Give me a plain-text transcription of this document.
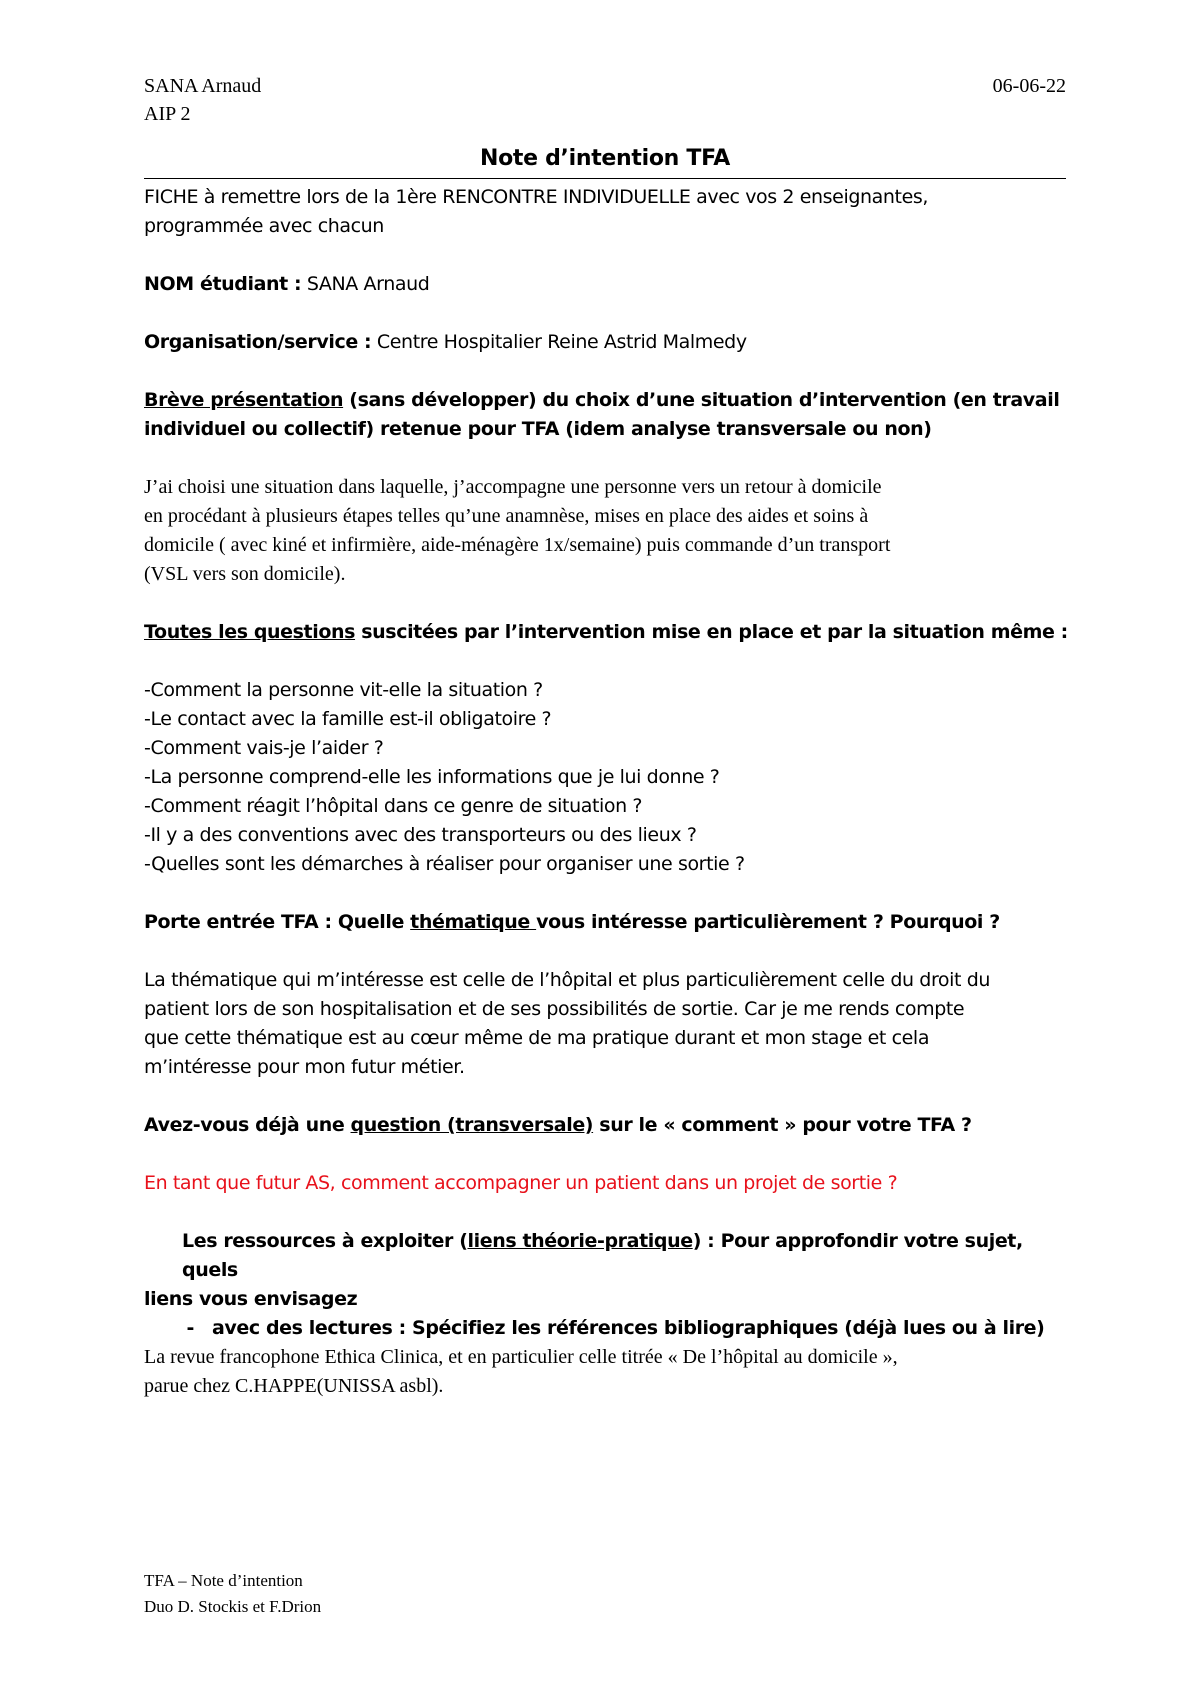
SANA Arnaud
AIP 2
06-06-22
Note d’intention TFA

FICHE à remettre lors de la 1ère RENCONTRE INDIVIDUELLE avec vos 2 enseignantes,

programmée avec chacun

NOM étudiant : SANA Arnaud

Organisation/service : Centre Hospitalier Reine Astrid Malmedy

Brève présentation (sans développer) du choix d’une situation d’intervention (en travail

individuel ou collectif) retenue pour TFA (idem analyse transversale ou non)

J’ai choisi une situation dans laquelle, j’accompagne une personne vers un retour à domicile

en procédant à plusieurs étapes telles qu’une anamnèse, mises en place des aides et soins à

domicile ( avec kiné et infirmière, aide-ménagère 1x/semaine) puis commande d’un transport

(VSL vers son domicile).

Toutes les questions suscitées par l’intervention mise en place et par la situation même :

-Comment la personne vit-elle la situation ?

-Le contact avec la famille est-il obligatoire ?

-Comment vais-je l’aider ?

-La personne comprend-elle les informations que je lui donne ?

-Comment réagit l’hôpital dans ce genre de situation ?

-Il y a des conventions avec des transporteurs ou des lieux ?

-Quelles sont les démarches à réaliser pour organiser une sortie ?

Porte entrée TFA : Quelle thématique vous intéresse particulièrement ? Pourquoi ?

La thématique qui m’intéresse est celle de l’hôpital et plus particulièrement celle du droit du

patient lors de son hospitalisation et de ses possibilités de sortie. Car je me rends compte

que cette thématique est au cœur même de ma pratique durant et mon stage et cela

m’intéresse pour mon futur métier.

Avez-vous déjà une question (transversale) sur le « comment » pour votre TFA ?

En tant que futur AS, comment accompagner un patient dans un projet de sortie ?

Les ressources à exploiter (liens théorie-pratique) : Pour approfondir votre sujet, quels

liens vous envisagez

- avec des lectures : Spécifiez les références bibliographiques (déjà lues ou à lire)

La revue francophone Ethica Clinica, et en particulier celle titrée « De l’hôpital au domicile »,

parue chez C.HAPPE(UNISSA asbl).

TFA – Note d’intention
Duo D. Stockis et F.Drion
